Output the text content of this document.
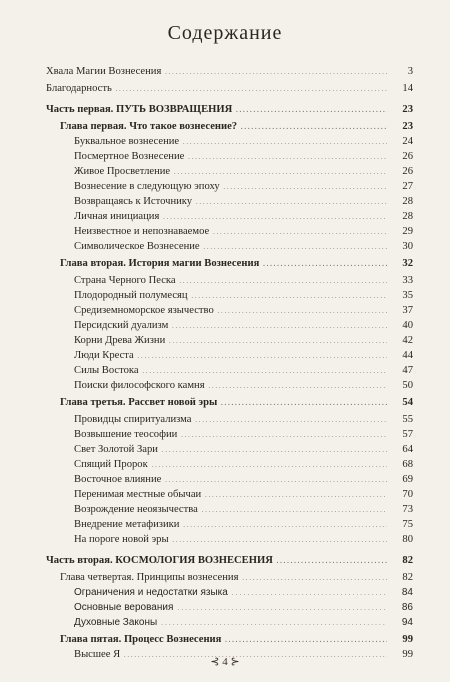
Содержание
Хвала Магии Вознесения . . .	3
Благодарность . . .	14
Часть первая. ПУТЬ ВОЗВРАЩЕНИЯ . . .	23
Глава первая. Что такое вознесение? . . .	23
Буквальное вознесение . . .	24
Посмертное Вознесение . . .	26
Живое Просветление . . .	26
Вознесение в следующую эпоху . . .	27
Возвращаясь к Источнику . . .	28
Личная инициация . . .	28
Неизвестное и непознаваемое . . .	29
Символическое Вознесение . . .	30
Глава вторая. История магии Вознесения . . .	32
Страна Черного Песка . . .	33
Плодородный полумесяц . . .	35
Средиземноморское язычество . . .	37
Персидский дуализм . . .	40
Корни Древа Жизни . . .	42
Люди Креста . . .	44
Силы Востока . . .	47
Поиски философского камня . . .	50
Глава третья. Рассвет новой эры . . .	54
Провидцы спиритуализма . . .	55
Возвышение теософии . . .	57
Свет Золотой Зари . . .	64
Спящий Пророк . . .	68
Восточное влияние . . .	69
Перенимая местные обычаи . . .	70
Возрождение неоязычества . . .	73
Внедрение метафизики . . .	75
На пороге новой эры . . .	80
Часть вторая. КОСМОЛОГИЯ ВОЗНЕСЕНИЯ . . .	82
Глава четвертая. Принципы вознесения . . .	82
Ограничения и недостатки языка . . .	84
Основные верования . . .	86
Духовные Законы . . .	94
Глава пятая. Процесс Вознесения . . .	99
Высшее Я . . .	99
⊰ 4 ⊱
